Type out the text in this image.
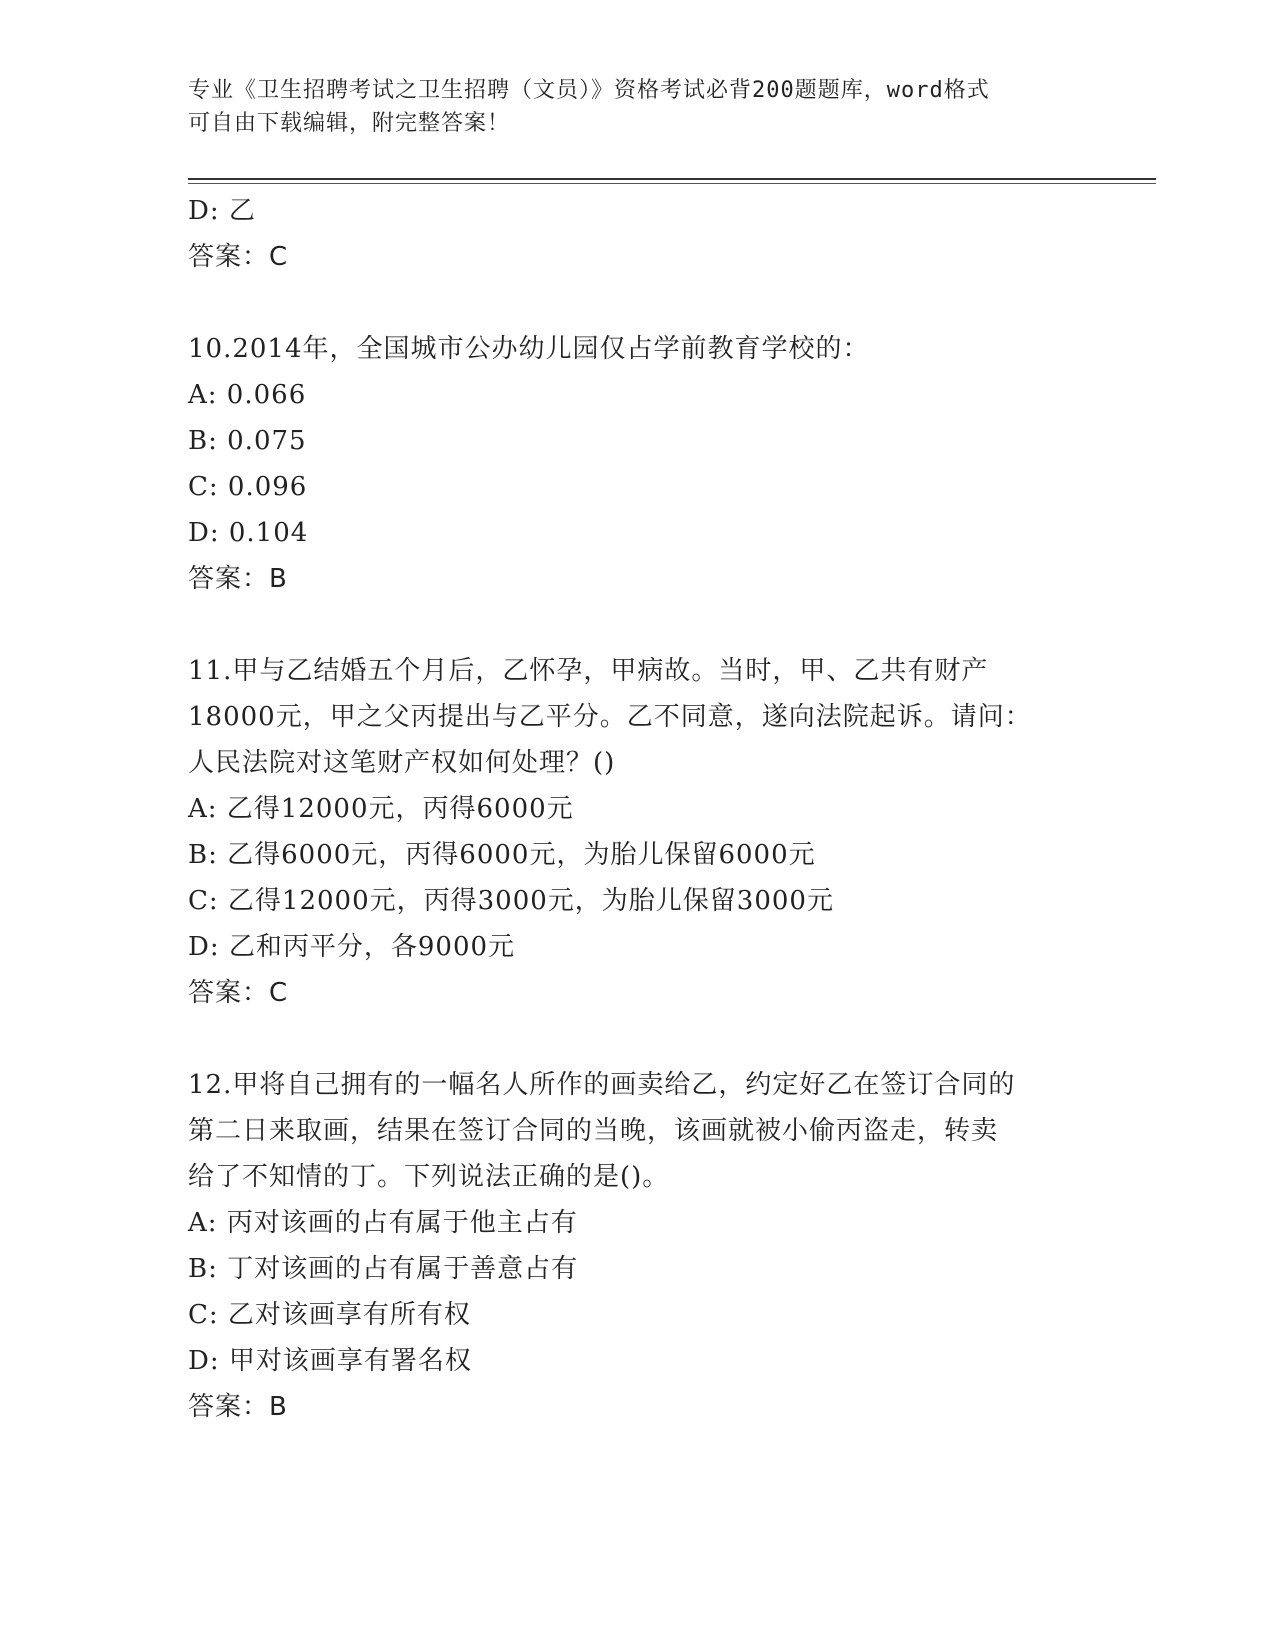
专业《卫生招聘考试之卫生招聘（文员）》资格考试必背200题题库，word格式
可自由下载编辑，附完整答案！
D: 乙
答案：C
10.2014年，全国城市公办幼儿园仅占学前教育学校的：
A: 0.066
B: 0.075
C: 0.096
D: 0.104
答案：B
11.甲与乙结婚五个月后，乙怀孕，甲病故。当时，甲、乙共有财产
18000元，甲之父丙提出与乙平分。乙不同意，遂向法院起诉。请问：
人民法院对这笔财产权如何处理？()
A: 乙得12000元，丙得6000元
B: 乙得6000元，丙得6000元，为胎儿保留6000元
C: 乙得12000元，丙得3000元，为胎儿保留3000元
D: 乙和丙平分，各9000元
答案：C
12.甲将自己拥有的一幅名人所作的画卖给乙，约定好乙在签订合同的
第二日来取画，结果在签订合同的当晚，该画就被小偷丙盗走，转卖
给了不知情的丁。下列说法正确的是()。
A: 丙对该画的占有属于他主占有
B: 丁对该画的占有属于善意占有
C: 乙对该画享有所有权
D: 甲对该画享有署名权
答案：B
